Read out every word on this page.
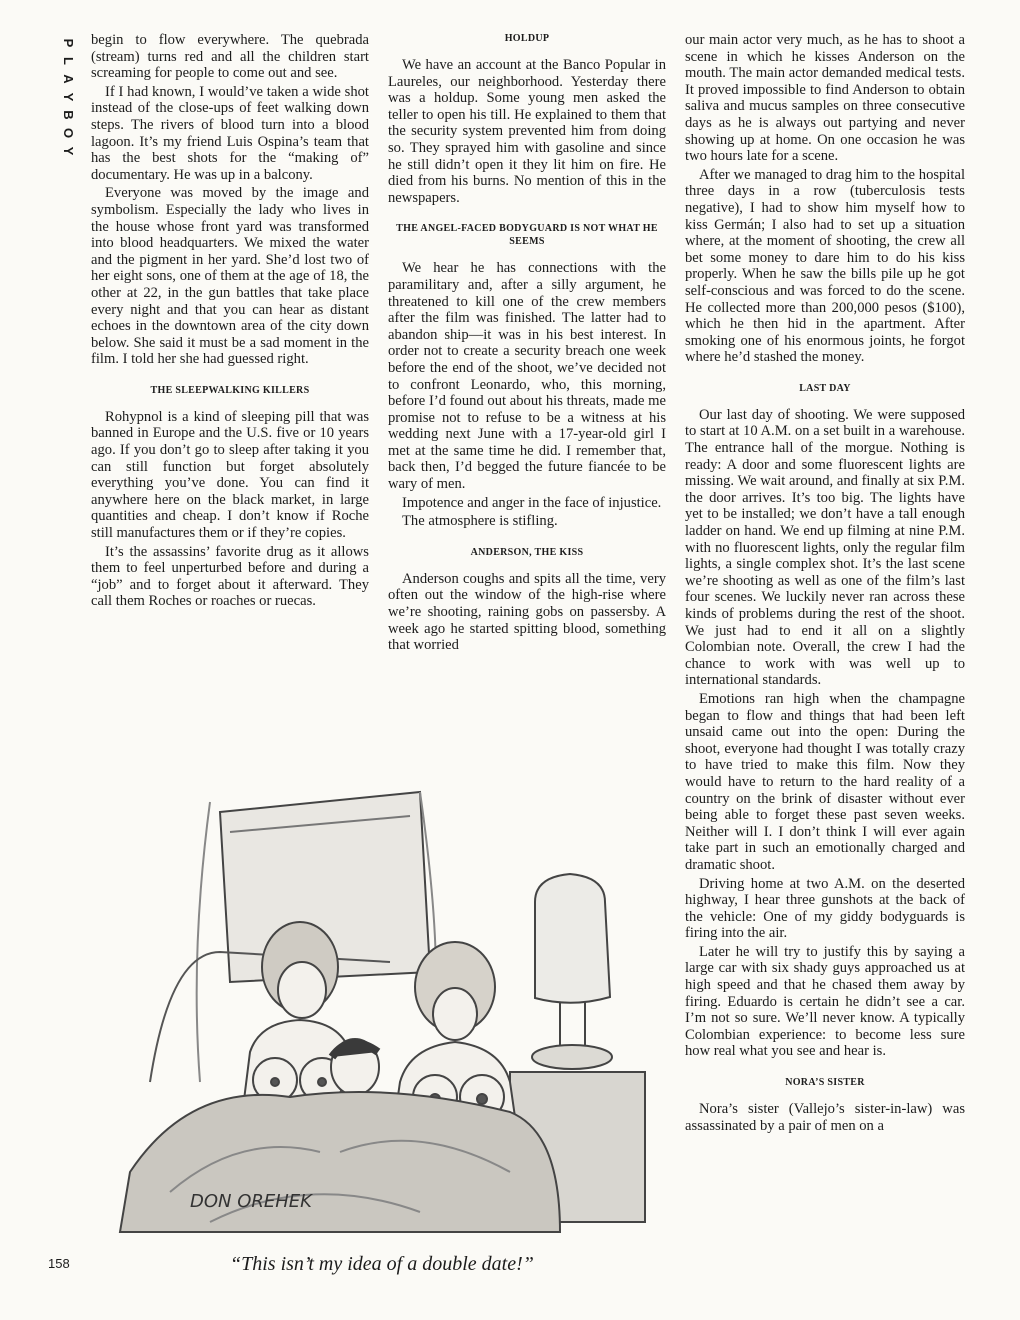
P
L
A
Y
B
O
Y

begin to flow everywhere. The quebrada (stream) turns red and all the children start screaming for people to come out and see.

If I had known, I would’ve taken a wide shot instead of the close-ups of feet walking down steps. The rivers of blood turn into a blood lagoon. It’s my friend Luis Ospina’s team that has the best shots for the “making of” documentary. He was up in a balcony.

Everyone was moved by the image and symbolism. Especially the lady who lives in the house whose front yard was transformed into blood headquarters. We mixed the water and the pigment in her yard. She’d lost two of her eight sons, one of them at the age of 18, the other at 22, in the gun battles that take place every night and that you can hear as distant echoes in the downtown area of the city down below. She said it must be a sad moment in the film. I told her she had guessed right.

THE SLEEPWALKING KILLERS

Rohypnol is a kind of sleeping pill that was banned in Europe and the U.S. five or 10 years ago. If you don’t go to sleep after taking it you can still function but forget absolutely everything you’ve done. You can find it anywhere here on the black market, in large quantities and cheap. I don’t know if Roche still manufactures them or if they’re copies.

It’s the assassins’ favorite drug as it allows them to feel unperturbed before and during a “job” and to forget about it afterward. They call them Roches or roaches or ruecas.

HOLDUP

We have an account at the Banco Popular in Laureles, our neighborhood. Yesterday there was a holdup. Some young men asked the teller to open his till. He explained to them that the security system prevented him from doing so. They sprayed him with gasoline and since he still didn’t open it they lit him on fire. He died from his burns. No mention of this in the newspapers.

THE ANGEL-FACED BODYGUARD IS NOT WHAT HE SEEMS

We hear he has connections with the paramilitary and, after a silly argument, he threatened to kill one of the crew members after the film was finished. The latter had to abandon ship—it was in his best interest. In order not to create a security breach one week before the end of the shoot, we’ve decided not to confront Leonardo, who, this morning, before I’d found out about his threats, made me promise not to refuse to be a witness at his wedding next June with a 17-year-old girl I met at the same time he did. I remember that, back then, I’d begged the future fiancée to be wary of men.

Impotence and anger in the face of injustice.

The atmosphere is stifling.

ANDERSON, THE KISS

Anderson coughs and spits all the time, very often out the window of the high-rise where we’re shooting, raining gobs on passersby. A week ago he started spitting blood, something that worried

our main actor very much, as he has to shoot a scene in which he kisses Anderson on the mouth. The main actor demanded medical tests. It proved impossible to find Anderson to obtain saliva and mucus samples on three consecutive days as he is always out partying and never showing up at home. On one occasion he was two hours late for a scene.

After we managed to drag him to the hospital three days in a row (tuberculosis tests negative), I had to show him myself how to kiss Germán; I also had to set up a situation where, at the moment of shooting, the crew all bet some money to dare him to do his kiss properly. When he saw the bills pile up he got self-conscious and was forced to do the scene. He collected more than 200,000 pesos ($100), which he then hid in the apartment. After smoking one of his enormous joints, he forgot where he’d stashed the money.

LAST DAY

Our last day of shooting. We were supposed to start at 10 A.M. on a set built in a warehouse. The entrance hall of the morgue. Nothing is ready: A door and some fluorescent lights are missing. We wait around, and finally at six P.M. the door arrives. It’s too big. The lights have yet to be installed; we don’t have a tall enough ladder on hand. We end up filming at nine P.M. with no fluorescent lights, only the regular film lights, a single complex shot. It’s the last scene we’re shooting as well as one of the film’s last four scenes. We luckily never ran across these kinds of problems during the rest of the shoot. We just had to end it all on a slightly Colombian note. Overall, the crew I had the chance to work with was well up to international standards.

Emotions ran high when the champagne began to flow and things that had been left unsaid came out into the open: During the shoot, everyone had thought I was totally crazy to have tried to make this film. Now they would have to return to the hard reality of a country on the brink of disaster without ever being able to forget these past seven weeks. Neither will I. I don’t think I will ever again take part in such an emotionally charged and dramatic shoot.

Driving home at two A.M. on the deserted highway, I hear three gunshots at the back of the vehicle: One of my giddy bodyguards is firing into the air.

Later he will try to justify this by saying a large car with six shady guys approached us at high speed and that he chased them away by firing. Eduardo is certain he didn’t see a car. I’m not so sure. We’ll never know. A typically Colombian experience: to become less sure how real what you see and hear is.

NORA’S SISTER

Nora’s sister (Vallejo’s sister-in-law) was assassinated by a pair of men on a

DON OREHEK
158	“This isn’t my idea of a double date!”
